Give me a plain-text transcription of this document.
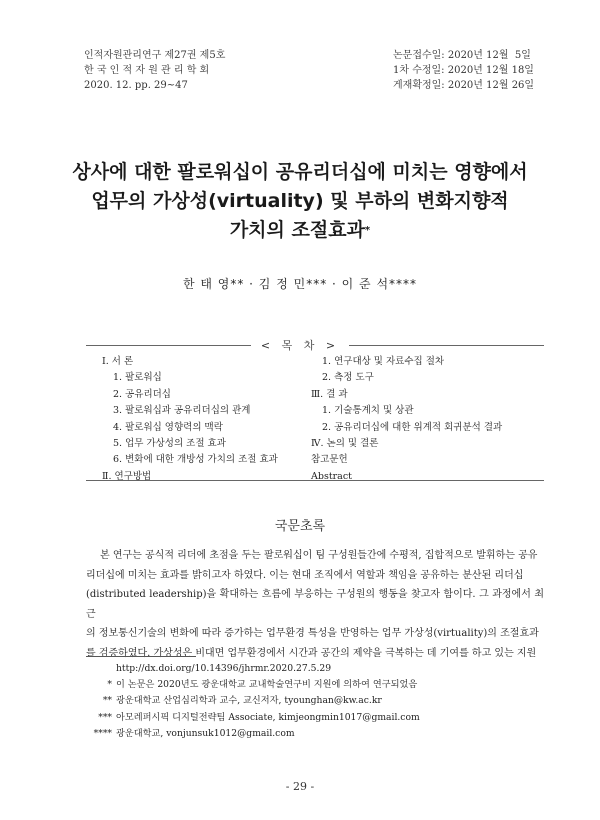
인적자원관리연구 제27권 제5호
한 국 인 적 자 원 관 리 학 회
2020. 12. pp. 29~47
논문접수일: 2020년 12월  5일
1차 수정일: 2020년 12월 18일
게재확정일: 2020년 12월 26일
상사에 대한 팔로워십이 공유리더십에 미치는 영향에서
업무의 가상성(virtuality) 및 부하의 변화지향적
가치의 조절효과*
한 태 영** · 김 정 민*** · 이 준 석****
Ⅰ. 서 론
1. 팔로워십
2. 공유리더십
3. 팔로워십과 공유리더십의 관계
4. 팔로워십 영향력의 맥락
5. 업무 가상성의 조절 효과
6. 변화에 대한 개방성 가치의 조절 효과
Ⅱ. 연구방법
1. 연구대상 및 자료수집 절차
2. 측정 도구
Ⅲ. 결 과
1. 기술통계치 및 상관
2. 공유리더십에 대한 위계적 회귀분석 결과
Ⅳ. 논의 및 결론
참고문헌
Abstract
< 목 차 >
국문초록
본 연구는 공식적 리더에 초점을 두는 팔로워십이 팀 구성원들간에 수평적, 집합적으로 발휘하는 공유
리더십에 미치는 효과를 밝히고자 하였다. 이는 현대 조직에서 역할과 책임을 공유하는 분산된 리더십
(distributed leadership)을 확대하는 흐름에 부응하는 구성원의 행동을 찾고자 함이다. 그 과정에서 최근
의 정보통신기술의 변화에 따라 증가하는 업무환경 특성을 반영하는 업무 가상성(virtuality)의 조절효과
를 검증하였다. 가상성은 비대면 업무환경에서 시간과 공간의 제약을 극복하는 데 기여를 하고 있는 지원
http://dx.doi.org/10.14396/jhrmr.2020.27.5.29
* 이 논문은 2020년도 광운대학교 교내학술연구비 지원에 의하여 연구되었음
** 광운대학교 산업심리학과 교수, 교신저자, tyounghan@kw.ac.kr
*** 아모레퍼시픽 디지털전략팀 Associate, kimjeongmin1017@gmail.com
**** 광운대학교, vonjunsuk1012@gmail.com
- 29 -
